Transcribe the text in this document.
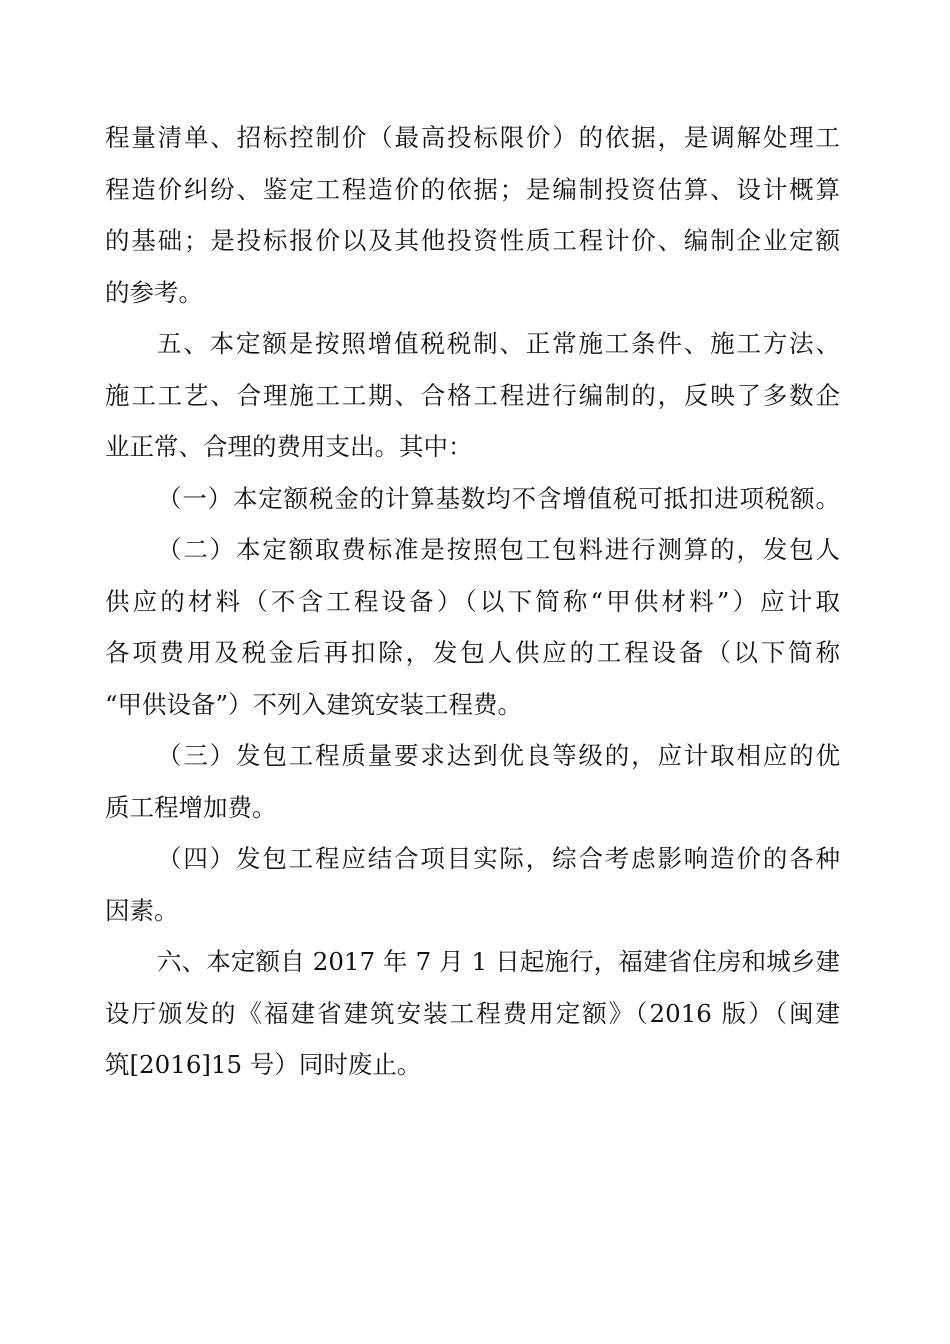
程量清单、招标控制价（最高投标限价）的依据，是调解处理工
程造价纠纷、鉴定工程造价的依据；是编制投资估算、设计概算
的基础；是投标报价以及其他投资性质工程计价、编制企业定额
的参考。
五、本定额是按照增值税税制、正常施工条件、施工方法、
施工工艺、合理施工工期、合格工程进行编制的，反映了多数企
业正常、合理的费用支出。其中：
（一）本定额税金的计算基数均不含增值税可抵扣进项税额。
（二）本定额取费标准是按照包工包料进行测算的，发包人
供应的材料（不含工程设备）（以下简称“甲供材料”）应计取
各项费用及税金后再扣除，发包人供应的工程设备（以下简称
“甲供设备”）不列入建筑安装工程费。
（三）发包工程质量要求达到优良等级的，应计取相应的优
质工程增加费。
（四）发包工程应结合项目实际，综合考虑影响造价的各种
因素。
六、本定额自 2017 年 7 月 1 日起施行，福建省住房和城乡建
设厅颁发的《福建省建筑安装工程费用定额》（2016 版）（闽建
筑[2016]15 号）同时废止。
